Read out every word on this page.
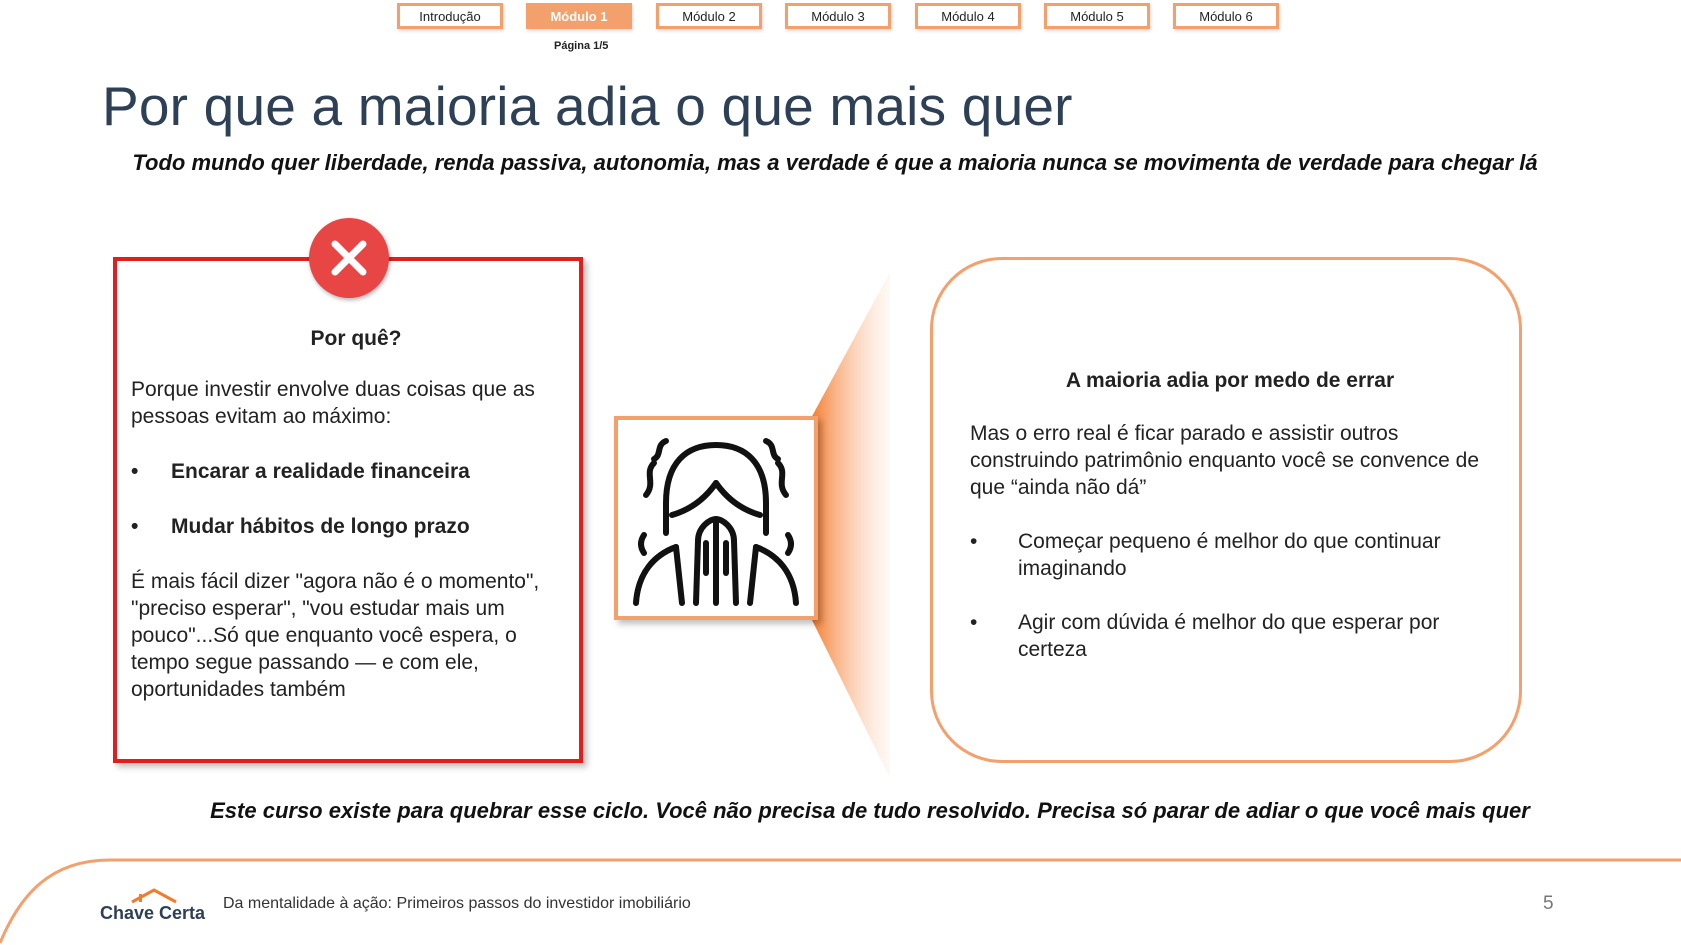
Introdução	Módulo 1	Módulo 2	Módulo 3	Módulo 4	Módulo 5	Módulo 6
Página 1/5
Por que a maioria adia o que mais quer
Todo mundo quer liberdade, renda passiva, autonomia, mas a verdade é que a maioria nunca se movimenta de verdade para chegar lá
Por quê?

Porque investir envolve duas coisas que as pessoas evitam ao máximo:

•	Encarar a realidade financeira
•	Mudar hábitos de longo prazo

É mais fácil dizer "agora não é o momento", "preciso esperar", "vou estudar mais um pouco"...Só que enquanto você espera, o tempo segue passando — e com ele, oportunidades também

A maioria adia por medo de errar

Mas o erro real é ficar parado e assistir outros construindo patrimônio enquanto você se convence de que “ainda não dá”

•	Começar pequeno é melhor do que continuar imaginando
•	Agir com dúvida é melhor do que esperar por certeza
Este curso existe para quebrar esse ciclo. Você não precisa de tudo resolvido. Precisa só parar de adiar o que você mais quer
Chave Certa Da mentalidade à ação: Primeiros passos do investidor imobiliário	5
